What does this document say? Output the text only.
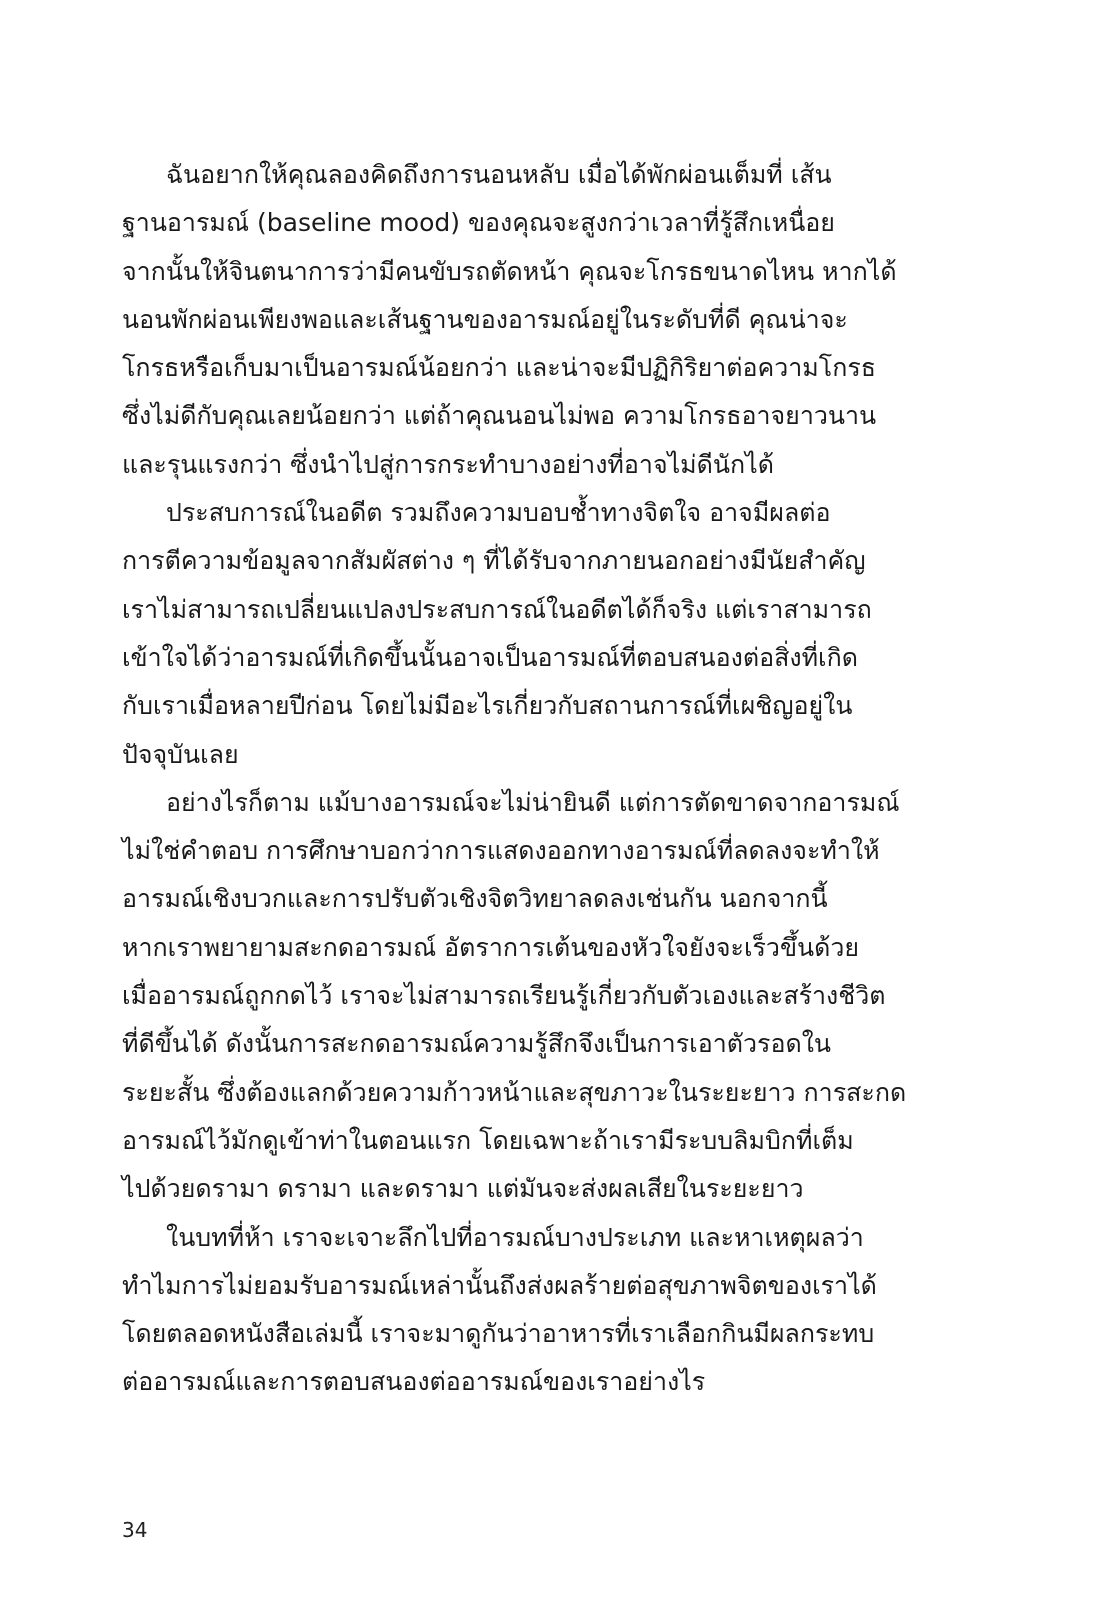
ฉันอยากให้คุณลองคิดถึงการนอนหลับ เมื่อได้พักผ่อนเต็มที่ เส้น
ฐานอารมณ์ (baseline mood) ของคุณจะสูงกว่าเวลาที่รู้สึกเหนื่อย
จากนั้นให้จินตนาการว่ามีคนขับรถตัดหน้า คุณจะโกรธขนาดไหน หากได้
นอนพักผ่อนเพียงพอและเส้นฐานของอารมณ์อยู่ในระดับที่ดี คุณน่าจะ
โกรธหรือเก็บมาเป็นอารมณ์น้อยกว่า และน่าจะมีปฏิกิริยาต่อความโกรธ
ซึ่งไม่ดีกับคุณเลยน้อยกว่า แต่ถ้าคุณนอนไม่พอ ความโกรธอาจยาวนาน
และรุนแรงกว่า ซึ่งนำไปสู่การกระทำบางอย่างที่อาจไม่ดีนักได้
ประสบการณ์ในอดีต รวมถึงความบอบช้ำทางจิตใจ อาจมีผลต่อ
การตีความข้อมูลจากสัมผัสต่าง ๆ ที่ได้รับจากภายนอกอย่างมีนัยสำคัญ
เราไม่สามารถเปลี่ยนแปลงประสบการณ์ในอดีตได้ก็จริง แต่เราสามารถ
เข้าใจได้ว่าอารมณ์ที่เกิดขึ้นนั้นอาจเป็นอารมณ์ที่ตอบสนองต่อสิ่งที่เกิด
กับเราเมื่อหลายปีก่อน โดยไม่มีอะไรเกี่ยวกับสถานการณ์ที่เผชิญอยู่ใน
ปัจจุบันเลย
อย่างไรก็ตาม แม้บางอารมณ์จะไม่น่ายินดี แต่การตัดขาดจากอารมณ์
ไม่ใช่คำตอบ การศึกษาบอกว่าการแสดงออกทางอารมณ์ที่ลดลงจะทำให้
อารมณ์เชิงบวกและการปรับตัวเชิงจิตวิทยาลดลงเช่นกัน นอกจากนี้
หากเราพยายามสะกดอารมณ์ อัตราการเต้นของหัวใจยังจะเร็วขึ้นด้วย
เมื่ออารมณ์ถูกกดไว้ เราจะไม่สามารถเรียนรู้เกี่ยวกับตัวเองและสร้างชีวิต
ที่ดีขึ้นได้ ดังนั้นการสะกดอารมณ์ความรู้สึกจึงเป็นการเอาตัวรอดใน
ระยะสั้น ซึ่งต้องแลกด้วยความก้าวหน้าและสุขภาวะในระยะยาว การสะกด
อารมณ์ไว้มักดูเข้าท่าในตอนแรก โดยเฉพาะถ้าเรามีระบบลิมบิกที่เต็ม
ไปด้วยดรามา ดรามา และดรามา แต่มันจะส่งผลเสียในระยะยาว
ในบทที่ห้า เราจะเจาะลึกไปที่อารมณ์บางประเภท และหาเหตุผลว่า
ทำไมการไม่ยอมรับอารมณ์เหล่านั้นถึงส่งผลร้ายต่อสุขภาพจิตของเราได้
โดยตลอดหนังสือเล่มนี้ เราจะมาดูกันว่าอาหารที่เราเลือกกินมีผลกระทบ
ต่ออารมณ์และการตอบสนองต่ออารมณ์ของเราอย่างไร
34
